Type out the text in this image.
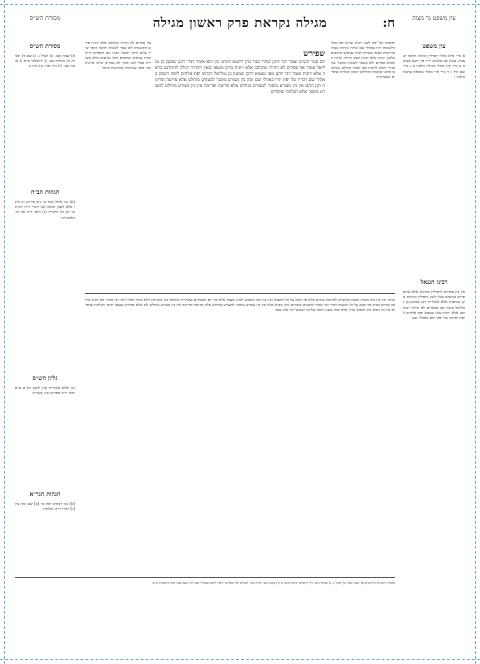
עין משפט נר מצוה
ח:
מגילה נקראת פרק ראשון מגילה
מסורת הש״ס
עין משפט
א מיי׳ פ״א מהל׳ תפילין ומזוזה הלכה יט סמ״ג עשין כב טוש״ע יו״ד סי׳ רעא סעיף ה ב מיי׳ פ״ו מהל׳ מגילה הלכה ב ג מיי׳ שם הל׳ ג ד מיי׳ פ״י מהל׳ טומאת צרעת הלכה ו
רבינו חננאל
אין בין ספרים לתפילין ומזוזות אלא שהספרים נכתבים בכל לשון ותפילין ומזוזות אינן נכתבות אלא אשורית רבן שמעון בן גמליאל אומר אף בספרים לא התירו שיכתבו אלא יוונית מאי טעמא יפת אלהים ליפת יפיותו של יפת יהא באהלי שם
יפיפותו של יפת לשון יוונית שהיא יפה מכל הלשונות יהיו באהלי שם שיהיו נקראין בבתי מדרשות ובבתי כנסיות תורה נביאים וכתובים בלשון יוונית אלא יוונית שבה התירו שיהיו כתובים ספרים ולא בשאר לשונות מוסגר שהסגירו הכהן לראות אם יפשה מוחלט שנראו בו סימני טומאה והחליטו הכהן תגלחת וציפרים שבטהרתו
שפירש
יום סגור הש״ס ואמר רבי יוחנן שהרי סגור בהן לישנא דמתני וכן הוא אומר דברי רבנן שמעון בן גמליאל אומר אף ספרים לא התירו שיכתבו אלא יוונית בדקו ומצאו שאין התורה יכולה להתרגם כראוי אלא יוונית ואמר רבי יוחנן מאי טעמא דרבן שמעון בן גמליאל דכתיב יפת אלהים ליפת וישכון באהלי שם דבריו של יפת יהיו באהלי שם ומה בין מצורע מוסגר למצורע מוחלט אלא פריעה ופרימה תנן התם אין בין מצורע מוסגר למצורע מוחלט אלא פריעה ופרימה אין בין מצורע מוחלט למצורע מוסגר אלא תגלחת וציפרים
אף ספרים לא התירו שיכתבו אלא יוונית פירש הקונטרס ולא שאר לשונות ותימה היאך שייך בהם היתר ואומר רבינו תם דספרים היינו תורה נביאים וכתובים דאין נכתבים אלא אשורית אבל לשון אחר לא אמרינן ומיהו ביוונית שרי מפני שהתורה מתרגמת כראוי
מתני׳ אין בין כהן משוח בשמן המשחה למרובה בגדים אלא פר הבא על כל המצות ואין בין כהן משמש לכהן שעבר אלא פר יום הכפורים ועשירית האיפה גמ׳ מתניתין דלא כרבי מאיר דאי רבי מאיר הא תניא מרובה בגדים מביא פר הבא על כל המצות דברי רבי מאיר וחכמים אומרים אינו מביא אלא אין בין מצורע מוסגר למצורע מוחלט אלא פריעה ופרימה אין בין מצורע מוחלט לזב אלא ספירת שבעה ימים ותגלחת וציפרים אין בין טמא מת לטמא שרץ אלא שזה טעון הזאה שלישי ושביעי וזה אינו טעון
מסורת הש״ס
א) שבת קטו. ב) לעיל ג. ג) שם ד) יבמות ה) מנחות מב: ו) ירושלמי פ״א ז) סוטה כט: ח) נזיר סה. ט) נדה נו.
הגהות הב״ח
(א) גמ׳ אלא שזה כו׳ נ״ב פירוש זה אינו אלא לענין הזאה (ב) רש״י ד״ה יוונית כו׳ וכן כל התורה (ג) תוס׳ ד״ה אף כו׳ דאשורית
גליון הש״ס
גמ׳ אלא אשורית עיין לקמן דף ט ע״א תוס׳ ד״ה ספרים עיין בשו״ת
הגהות הגר״א
[א] גמ׳ דכתיב יפת כו׳ [ב] שם ומה בין [ג] רש״י ד״ה תגלחת
מסורת הש״ס וחידושים א) שבת קטו. ב) לעיל ג. ג) מנחות מב: ד) ירושלמי פ״א הלכה ט ה) סוטה כט: תורה אור השלם יפת אלהים ליפת וישכן באהלי שם ויהי כנען עבד למו בראשית ט כז
